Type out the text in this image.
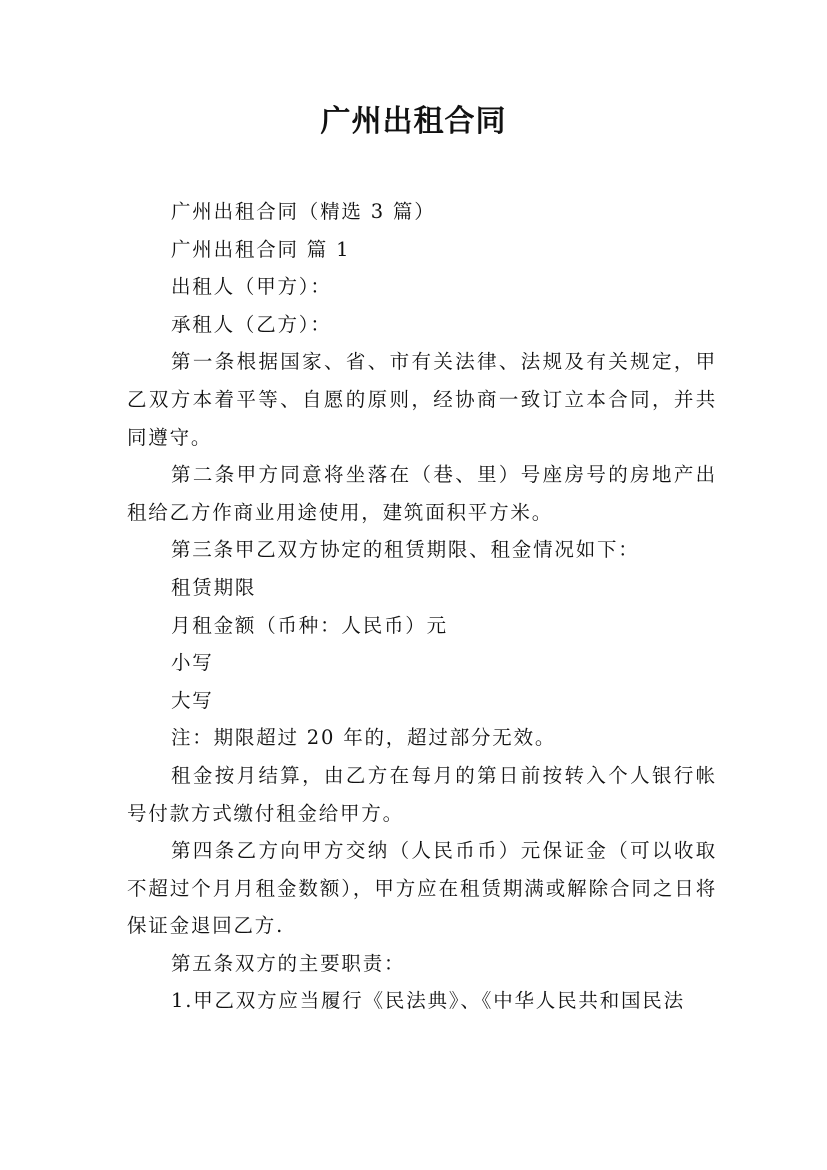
广州出租合同

广州出租合同（精选 3 篇）

广州出租合同 篇 1

出租人（甲方）：

承租人（乙方）：

第一条根据国家、省、市有关法律、法规及有关规定，甲乙双方本着平等、自愿的原则，经协商一致订立本合同，并共同遵守。

第二条甲方同意将坐落在（巷、里）号座房号的房地产出租给乙方作商业用途使用，建筑面积平方米。

第三条甲乙双方协定的租赁期限、租金情况如下：

租赁期限

月租金额（币种：人民币）元

小写

大写

注：期限超过 20 年的，超过部分无效。

租金按月结算，由乙方在每月的第日前按转入个人银行帐号付款方式缴付租金给甲方。

第四条乙方向甲方交纳（人民币币）元保证金（可以收取不超过个月月租金数额），甲方应在租赁期满或解除合同之日将保证金退回乙方.

第五条双方的主要职责：

1.甲乙双方应当履行《民法典》、《中华人民共和国民法
